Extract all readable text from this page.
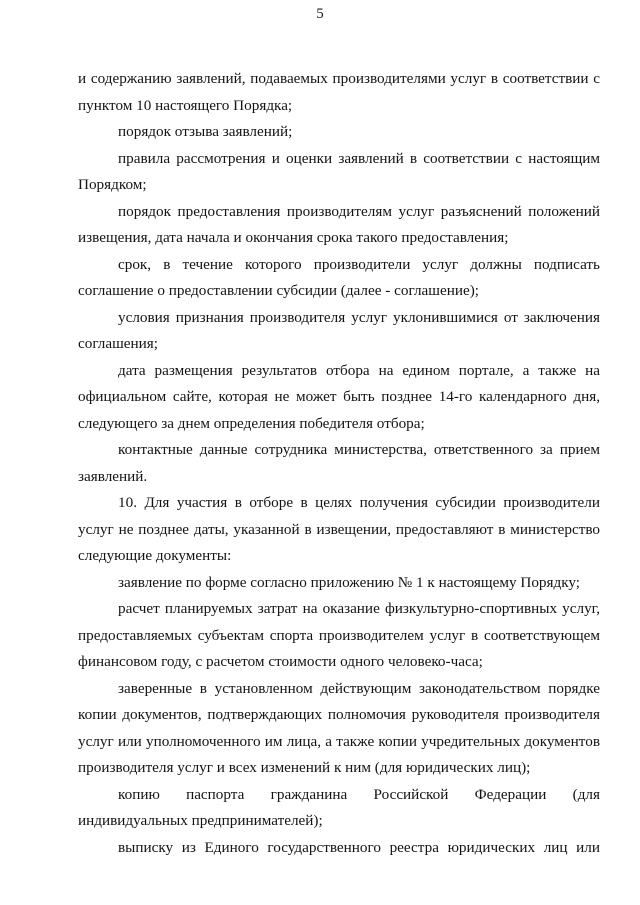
5

и содержанию заявлений, подаваемых производителями услуг в соответствии с пунктом 10 настоящего Порядка;

порядок отзыва заявлений;

правила рассмотрения и оценки заявлений в соответствии с настоящим Порядком;

порядок предоставления производителям услуг разъяснений положений извещения, дата начала и окончания срока такого предоставления;

срок, в течение которого производители услуг должны подписать соглашение о предоставлении субсидии (далее - соглашение);

условия признания производителя услуг уклонившимися от заключения соглашения;

дата размещения результатов отбора на едином портале, а также на официальном сайте, которая не может быть позднее 14-го календарного дня, следующего за днем определения победителя отбора;

контактные данные сотрудника министерства, ответственного за прием заявлений.

10. Для участия в отборе в целях получения субсидии производители услуг не позднее даты, указанной в извещении, предоставляют в министерство следующие документы:

заявление по форме согласно приложению № 1 к настоящему Порядку;

расчет планируемых затрат на оказание физкультурно-спортивных услуг, предоставляемых субъектам спорта производителем услуг в соответствующем финансовом году, с расчетом стоимости одного человеко-часа;

заверенные в установленном действующим законодательством порядке копии документов, подтверждающих полномочия руководителя производителя услуг или уполномоченного им лица, а также копии учредительных документов производителя услуг и всех изменений к ним (для юридических лиц);

копию паспорта гражданина Российской Федерации (для индивидуальных предпринимателей);

выписку из Единого государственного реестра юридических лиц или
